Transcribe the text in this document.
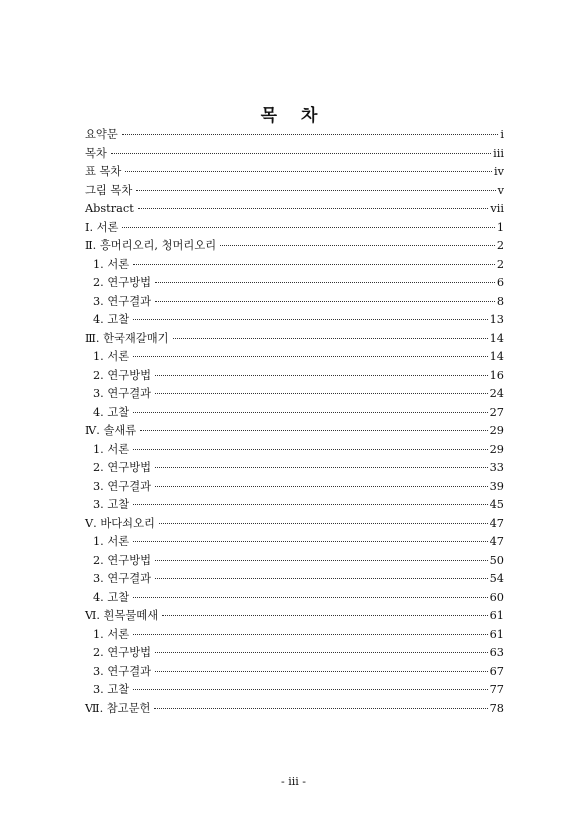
목 차
요약문	i
목차	iii
표 목차	iv
그림 목차	v
Abstract	vii
Ⅰ. 서론	1
Ⅱ. 흥머리오리, 청머리오리	2
1. 서론	2
2. 연구방법	6
3. 연구결과	8
4. 고찰	13
Ⅲ. 한국재갈매기	14
1. 서론	14
2. 연구방법	16
3. 연구결과	24
4. 고찰	27
Ⅳ. 솔새류	29
1. 서론	29
2. 연구방법	33
3. 연구결과	39
3. 고찰	45
Ⅴ. 바다쇠오리	47
1. 서론	47
2. 연구방법	50
3. 연구결과	54
4. 고찰	60
Ⅵ. 흰목물떼새	61
1. 서론	61
2. 연구방법	63
3. 연구결과	67
3. 고찰	77
Ⅶ. 참고문헌	78
- iii -
